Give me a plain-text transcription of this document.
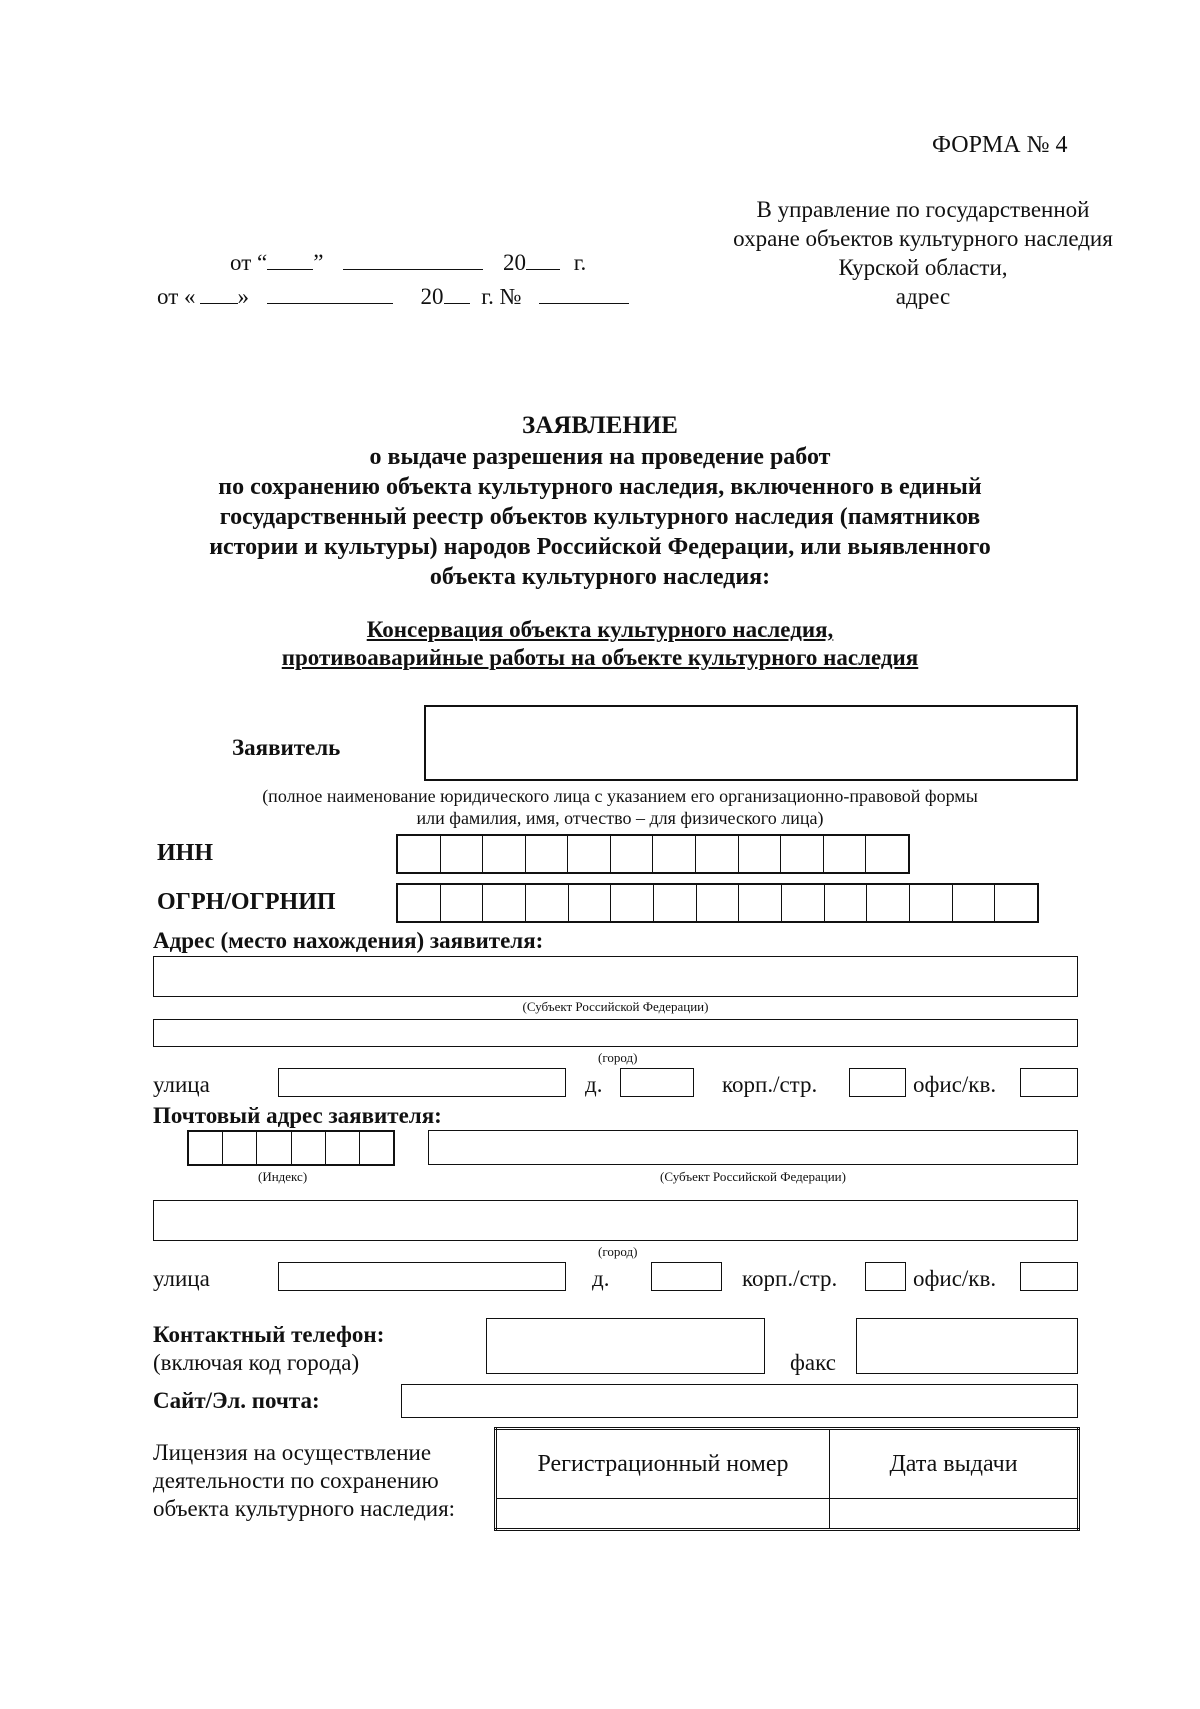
ФОРМА № 4
В управление по государственной
охране объектов культурного наследия
Курской области,
адрес
от “ ”	20 г.
от « »	20 г. №
ЗАЯВЛЕНИЕ
о выдаче разрешения на проведение работ
по сохранению объекта культурного наследия, включенного в единый
государственный реестр объектов культурного наследия (памятников
истории и культуры) народов Российской Федерации, или выявленного
объекта культурного наследия:
Консервация объекта культурного наследия,
противоаварийные работы на объекте культурного наследия
Заявитель
(полное наименование юридического лица с указанием его организационно-правовой формы
или фамилия, имя, отчество – для физического лица)
ИНН
ОГРН/ОГРНИП
Адрес (место нахождения) заявителя:
(Субъект Российской Федерации)
(город)
улица	д.	корп./стр.	офис/кв.
Почтовый адрес заявителя:
(Индекс)	(Субъект Российской Федерации)
(город)
улица	д.	корп./стр.	офис/кв.
Контактный телефон:
(включая код города)	факс
Сайт/Эл. почта:
Лицензия на осуществление
деятельности по сохранению
объекта культурного наследия:
Регистрационный номер	Дата выдачи
